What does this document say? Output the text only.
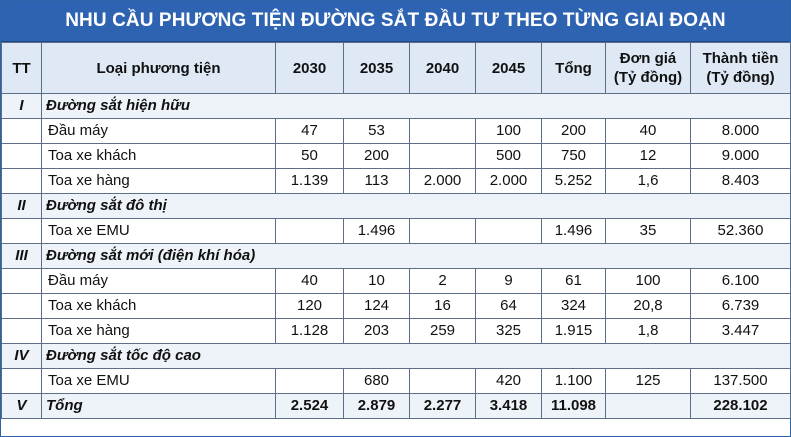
NHU CẦU PHƯƠNG TIỆN ĐƯỜNG SẮT ĐẦU TƯ THEO TỪNG GIAI ĐOẠN
TT	Loại phương tiện	2030	2035	2040	2045	Tổng	Đơn giá (Tỷ đồng)	Thành tiền (Tỷ đồng)
I	Đường sắt hiện hữu							
	Đầu máy	47	53		100	200	40	8.000
	Toa xe khách	50	200		500	750	12	9.000
	Toa xe hàng	1.139	113	2.000	2.000	5.252	1,6	8.403
II	Đường sắt đô thị							
	Toa xe EMU		1.496			1.496	35	52.360
III	Đường sắt mới (điện khí hóa)							
	Đầu máy	40	10	2	9	61	100	6.100
	Toa xe khách	120	124	16	64	324	20,8	6.739
	Toa xe hàng	1.128	203	259	325	1.915	1,8	3.447
IV	Đường sắt tốc độ cao							
	Toa xe EMU		680		420	1.100	125	137.500
V	Tổng	2.524	2.879	2.277	3.418	11.098		228.102
